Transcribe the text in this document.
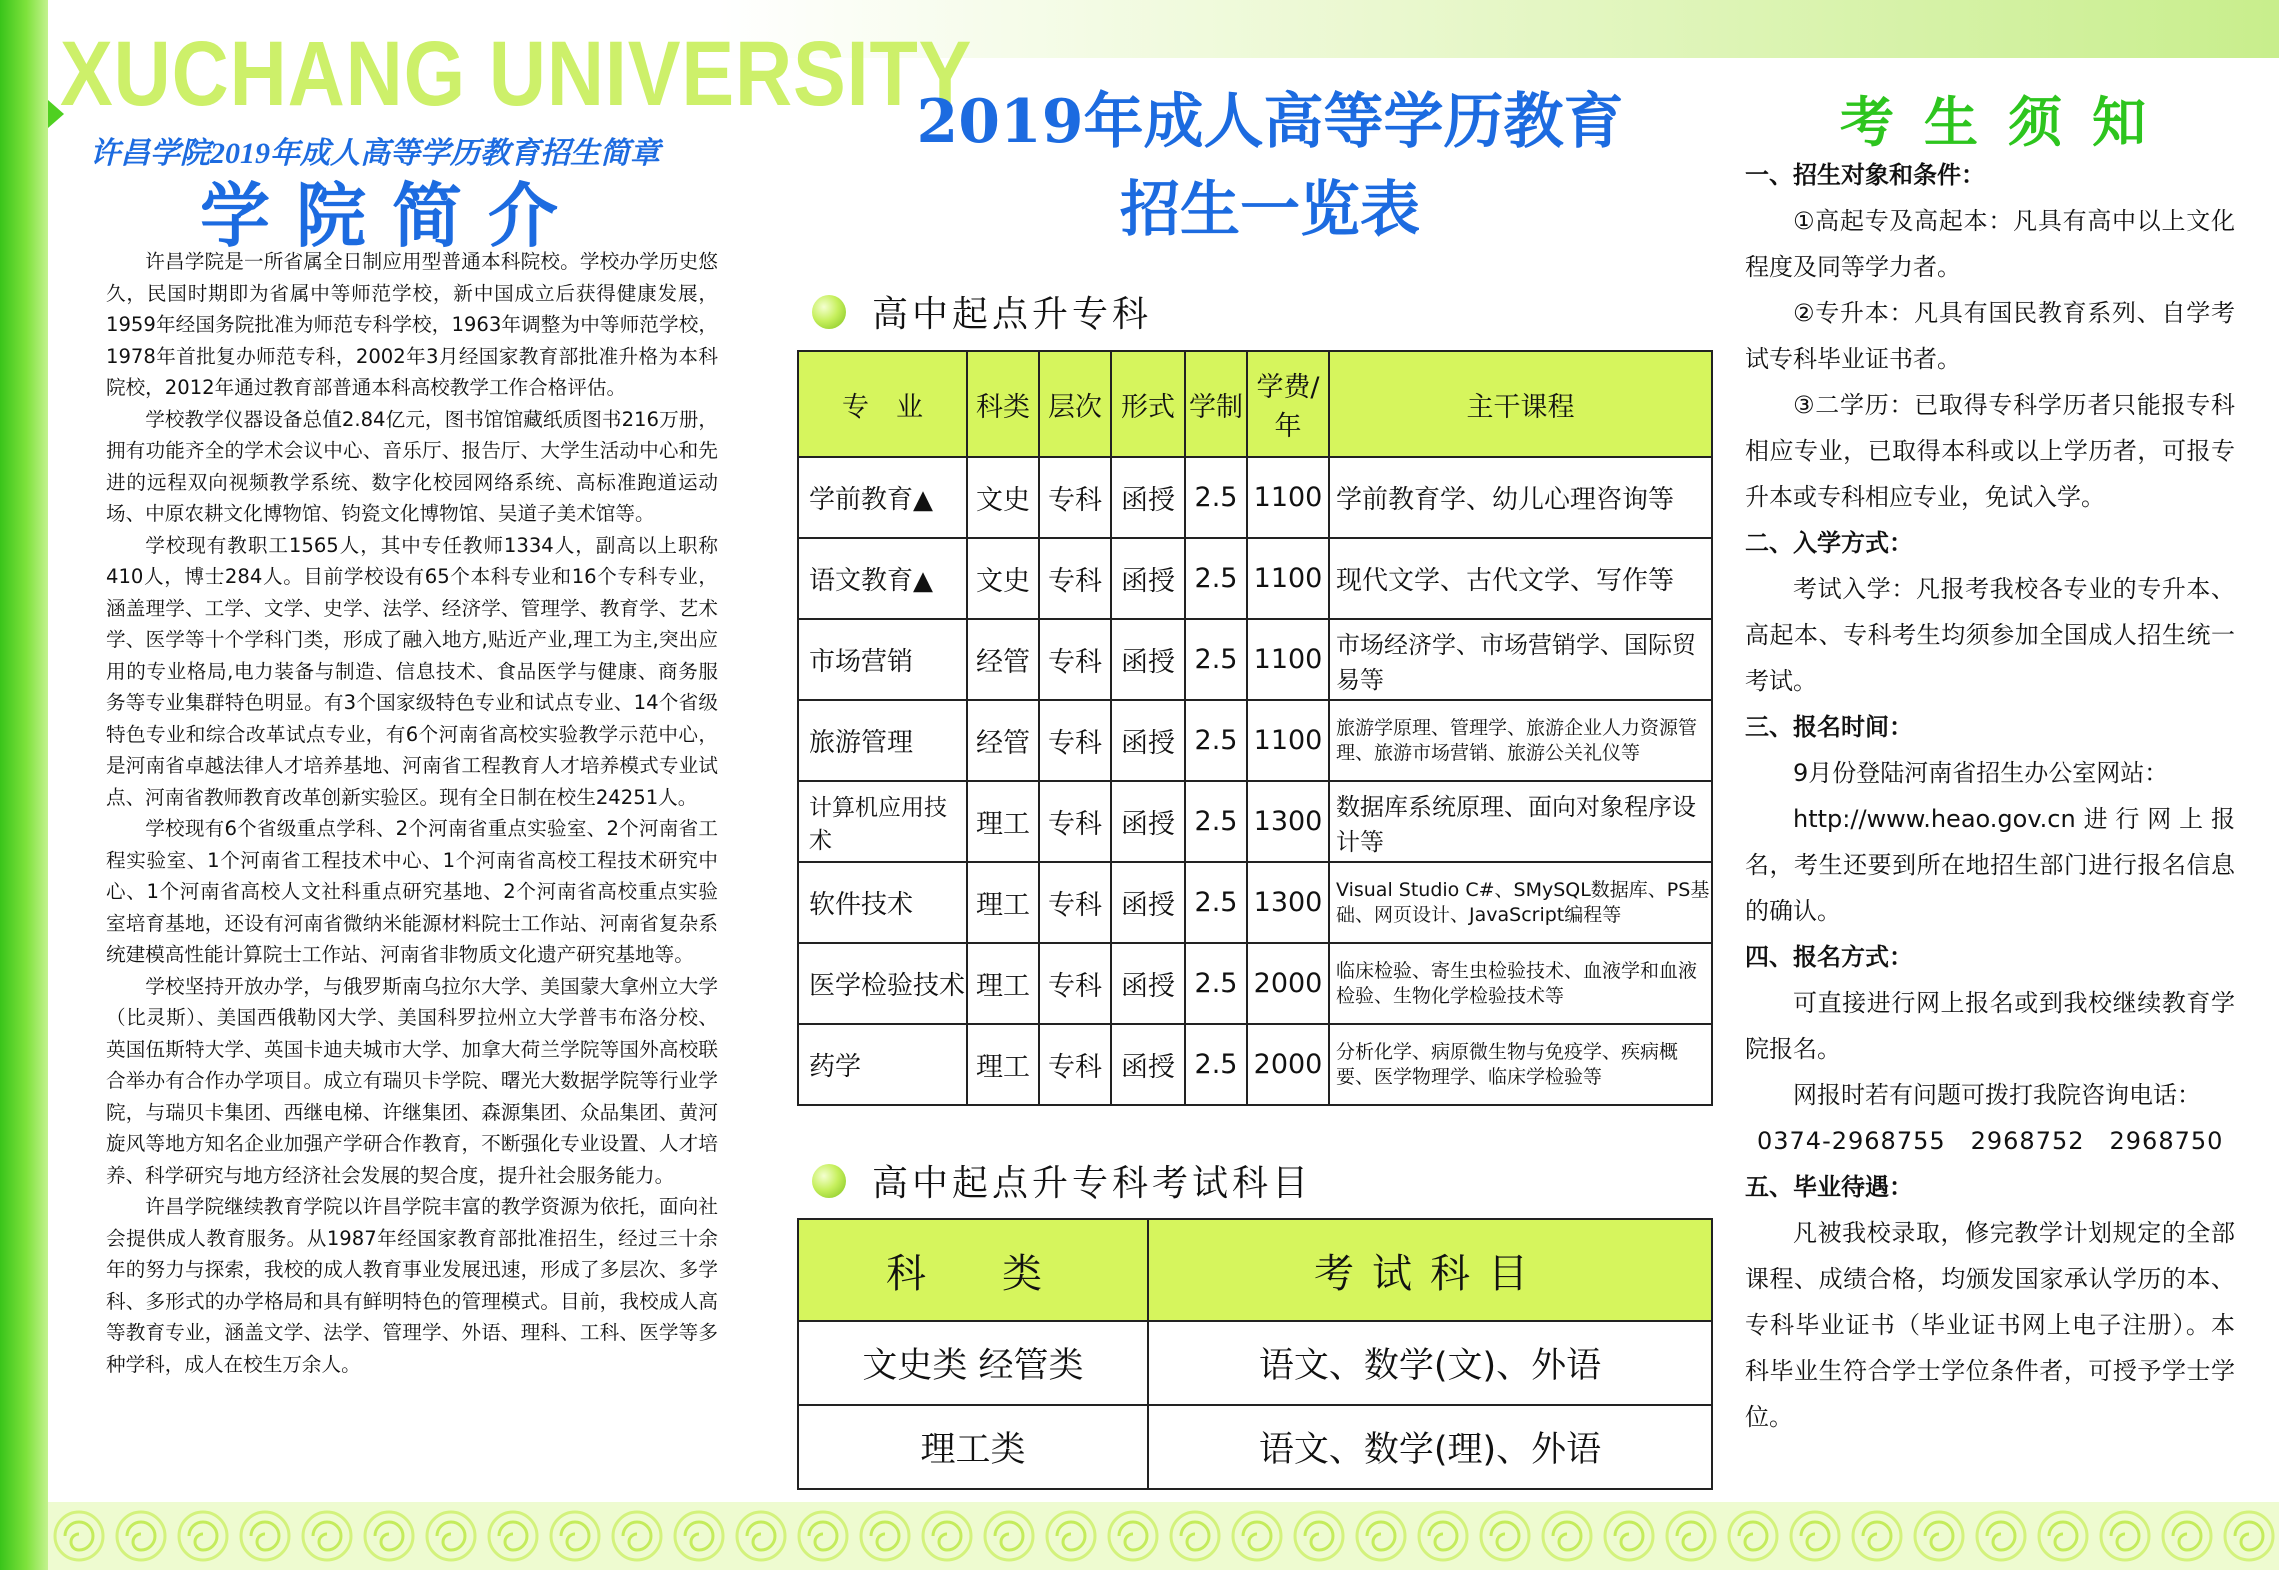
XUCHANG UNIVERSITY
许昌学院2019年成人高等学历教育招生简章
学院简介

许昌学院是一所省属全日制应用型普通本科院校。学校办学历史悠久，民国时期即为省属中等师范学校，新中国成立后获得健康发展，1959年经国务院批准为师范专科学校，1963年调整为中等师范学校，1978年首批复办师范专科，2002年3月经国家教育部批准升格为本科院校，2012年通过教育部普通本科高校教学工作合格评估。

学校教学仪器设备总值2.84亿元，图书馆馆藏纸质图书216万册，拥有功能齐全的学术会议中心、音乐厅、报告厅、大学生活动中心和先进的远程双向视频教学系统、数字化校园网络系统、高标准跑道运动场、中原农耕文化博物馆、钧瓷文化博物馆、吴道子美术馆等。

学校现有教职工1565人，其中专任教师1334人，副高以上职称410人，博士284人。目前学校设有65个本科专业和16个专科专业，涵盖理学、工学、文学、史学、法学、经济学、管理学、教育学、艺术学、医学等十个学科门类，形成了融入地方,贴近产业,理工为主,突出应用的专业格局,电力装备与制造、信息技术、食品医学与健康、商务服务等专业集群特色明显。有3个国家级特色专业和试点专业、14个省级特色专业和综合改革试点专业，有6个河南省高校实验教学示范中心，是河南省卓越法律人才培养基地、河南省工程教育人才培养模式专业试点、河南省教师教育改革创新实验区。现有全日制在校生24251人。

学校现有6个省级重点学科、2个河南省重点实验室、2个河南省工程实验室、1个河南省工程技术中心、1个河南省高校工程技术研究中心、1个河南省高校人文社科重点研究基地、2个河南省高校重点实验室培育基地，还设有河南省微纳米能源材料院士工作站、河南省复杂系统建模高性能计算院士工作站、河南省非物质文化遗产研究基地等。

学校坚持开放办学，与俄罗斯南乌拉尔大学、美国蒙大拿州立大学（比灵斯）、美国西俄勒冈大学、美国科罗拉州立大学普韦布洛分校、英国伍斯特大学、英国卡迪夫城市大学、加拿大荷兰学院等国外高校联合举办有合作办学项目。成立有瑞贝卡学院、曙光大数据学院等行业学院，与瑞贝卡集团、西继电梯、许继集团、森源集团、众品集团、黄河旋风等地方知名企业加强产学研合作教育，不断强化专业设置、人才培养、科学研究与地方经济社会发展的契合度，提升社会服务能力。

许昌学院继续教育学院以许昌学院丰富的教学资源为依托，面向社会提供成人教育服务。从1987年经国家教育部批准招生，经过三十余年的努力与探索，我校的成人教育事业发展迅速，形成了多层次、多学科、多形式的办学格局和具有鲜明特色的管理模式。目前，我校成人高等教育专业，涵盖文学、法学、管理学、外语、理科、工科、医学等多种学科，成人在校生万余人。

2019年成人高等学历教育
招生一览表
高中起点升专科
专　业	科类	层次	形式	学制	学费/年	主干课程
学前教育▲	文史	专科	函授	2.5	1100	学前教育学、幼儿心理咨询等
语文教育▲	文史	专科	函授	2.5	1100	现代文学、古代文学、写作等
市场营销	经管	专科	函授	2.5	1100	市场经济学、市场营销学、国际贸易等
旅游管理	经管	专科	函授	2.5	1100	旅游学原理、管理学、旅游企业人力资源管理、旅游市场营销、旅游公关礼仪等
计算机应用技术	理工	专科	函授	2.5	1300	数据库系统原理、面向对象程序设计等
软件技术	理工	专科	函授	2.5	1300	Visual Studio C#、SMySQL数据库、PS基础、网页设计、JavaScript编程等
医学检验技术	理工	专科	函授	2.5	2000	临床检验、寄生虫检验技术、血液学和血液检验、生物化学检验技术等
药学	理工	专科	函授	2.5	2000	分析化学、病原微生物与免疫学、疾病概要、医学物理学、临床学检验等
高中起点升专科考试科目
科　类	考试科目
文史类 经管类	语文、数学(文)、外语
理工类	语文、数学(理)、外语
考生须知

一、招生对象和条件：

①高起专及高起本：凡具有高中以上文化程度及同等学力者。

②专升本：凡具有国民教育系列、自学考试专科毕业证书者。

③二学历：已取得专科学历者只能报专科相应专业，已取得本科或以上学历者，可报专升本或专科相应专业，免试入学。

二、入学方式：

考试入学：凡报考我校各专业的专升本、高起本、专科考生均须参加全国成人招生统一考试。

三、报名时间：

9月份登陆河南省招生办公室网站：

http://www.heao.gov.cn进行网上报名，考生还要到所在地招生部门进行报名信息的确认。

四、报名方式：

可直接进行网上报名或到我校继续教育学院报名。

网报时若有问题可拨打我院咨询电话：

0374-2968755　2968752　2968750

五、毕业待遇：

凡被我校录取，修完教学计划规定的全部课程、成绩合格，均颁发国家承认学历的本、专科毕业证书（毕业证书网上电子注册）。本科毕业生符合学士学位条件者，可授予学士学位。
